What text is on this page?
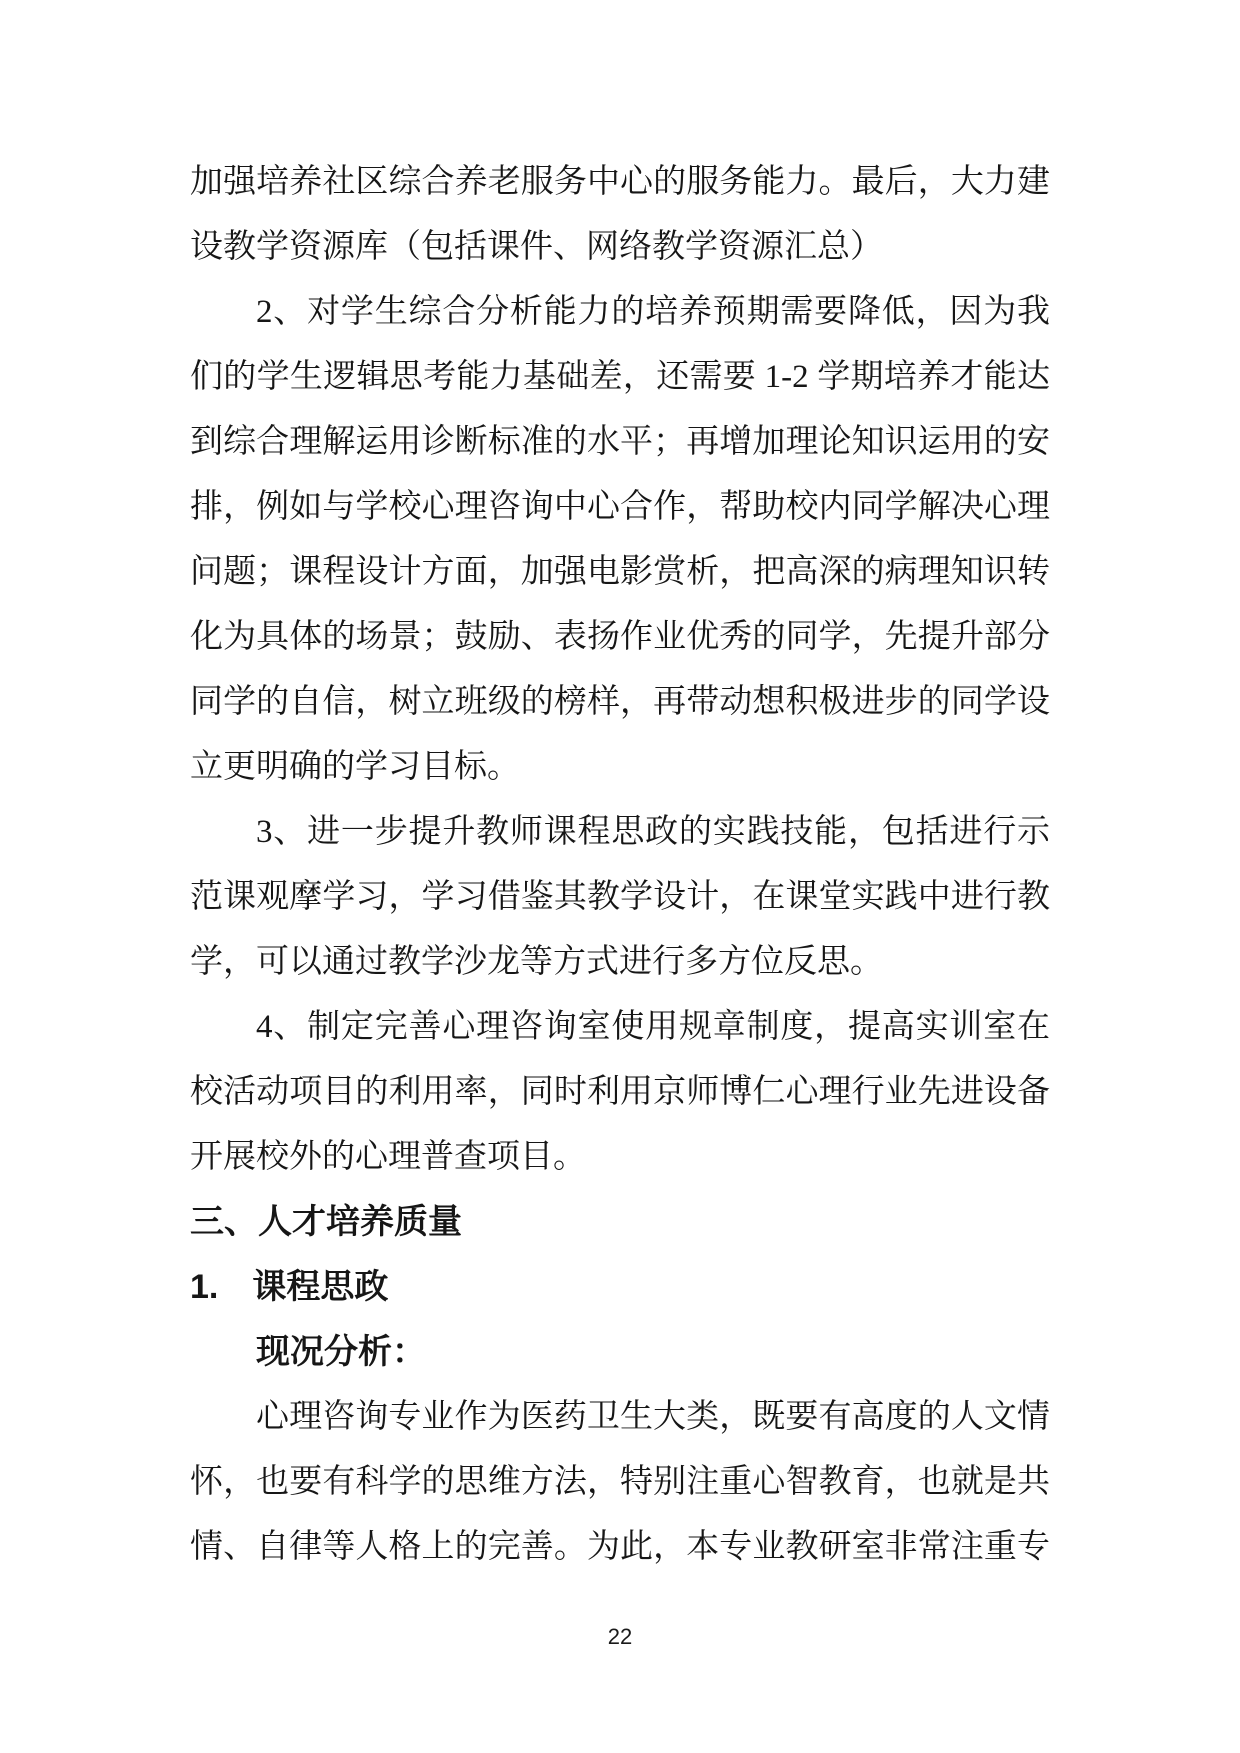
加强培养社区综合养老服务中心的服务能力。最后，大力建
设教学资源库（包括课件、网络教学资源汇总）
2、对学生综合分析能力的培养预期需要降低，因为我
们的学生逻辑思考能力基础差，还需要 1-2 学期培养才能达
到综合理解运用诊断标准的水平；再增加理论知识运用的安
排，例如与学校心理咨询中心合作，帮助校内同学解决心理
问题；课程设计方面，加强电影赏析，把高深的病理知识转
化为具体的场景；鼓励、表扬作业优秀的同学，先提升部分
同学的自信，树立班级的榜样，再带动想积极进步的同学设
立更明确的学习目标。
3、进一步提升教师课程思政的实践技能，包括进行示
范课观摩学习，学习借鉴其教学设计，在课堂实践中进行教
学，可以通过教学沙龙等方式进行多方位反思。
4、制定完善心理咨询室使用规章制度，提高实训室在
校活动项目的利用率，同时利用京师博仁心理行业先进设备
开展校外的心理普查项目。
三、人才培养质量
1.　课程思政
现况分析：
心理咨询专业作为医药卫生大类，既要有高度的人文情
怀，也要有科学的思维方法，特别注重心智教育，也就是共
情、自律等人格上的完善。为此，本专业教研室非常注重专
22
